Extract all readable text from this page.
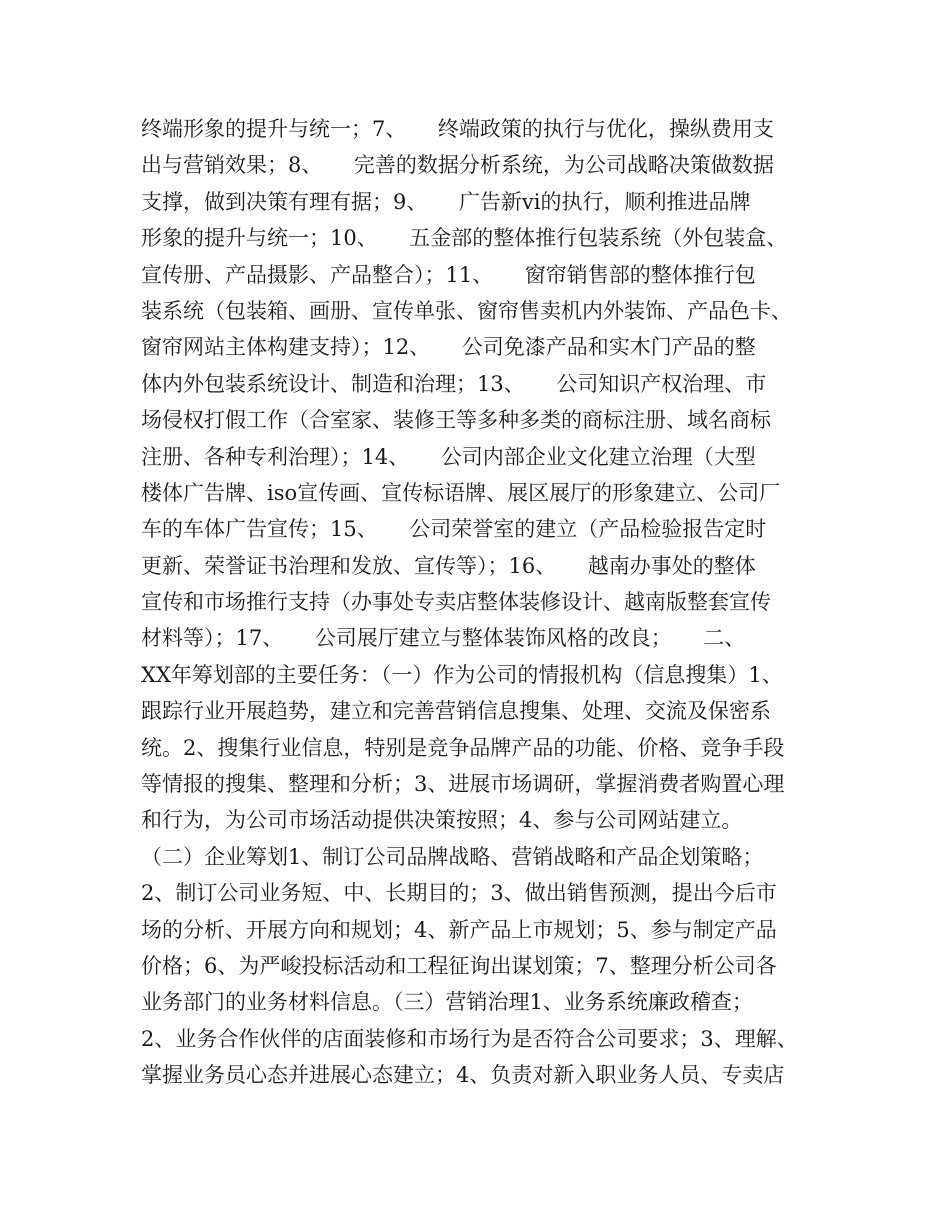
终端形象的提升与统一；7、　　终端政策的执行与优化，操纵费用支
出与营销效果；8、　　完善的数据分析系统，为公司战略决策做数据
支撑，做到决策有理有据；9、　　广告新vi的执行，顺利推进品牌
形象的提升与统一；10、　　五金部的整体推行包装系统（外包装盒、
宣传册、产品摄影、产品整合）；11、　　窗帘销售部的整体推行包
装系统（包装箱、画册、宣传单张、窗帘售卖机内外装饰、产品色卡、
窗帘网站主体构建支持）；12、　　公司免漆产品和实木门产品的整
体内外包装系统设计、制造和治理；13、　　公司知识产权治理、市
场侵权打假工作（合室家、装修王等多种多类的商标注册、域名商标
注册、各种专利治理）；14、　　公司内部企业文化建立治理（大型
楼体广告牌、iso宣传画、宣传标语牌、展区展厅的形象建立、公司厂
车的车体广告宣传；15、　　公司荣誉室的建立（产品检验报告定时
更新、荣誉证书治理和发放、宣传等）；16、　　越南办事处的整体
宣传和市场推行支持（办事处专卖店整体装修设计、越南版整套宣传
材料等）；17、　　公司展厅建立与整体装饰风格的改良；　　二、
XX年筹划部的主要任务：（一）作为公司的情报机构（信息搜集）1、
跟踪行业开展趋势，建立和完善营销信息搜集、处理、交流及保密系
统。2、搜集行业信息，特别是竞争品牌产品的功能、价格、竞争手段
等情报的搜集、整理和分析；3、进展市场调研，掌握消费者购置心理
和行为，为公司市场活动提供决策按照；4、参与公司网站建立。
（二）企业筹划1、制订公司品牌战略、营销战略和产品企划策略；
2、制订公司业务短、中、长期目的；3、做出销售预测，提出今后市
场的分析、开展方向和规划；4、新产品上市规划；5、参与制定产品
价格；6、为严峻投标活动和工程征询出谋划策；7、整理分析公司各
业务部门的业务材料信息。（三）营销治理1、业务系统廉政稽查；
2、业务合作伙伴的店面装修和市场行为是否符合公司要求；3、理解、
掌握业务员心态并进展心态建立；4、负责对新入职业务人员、专卖店
